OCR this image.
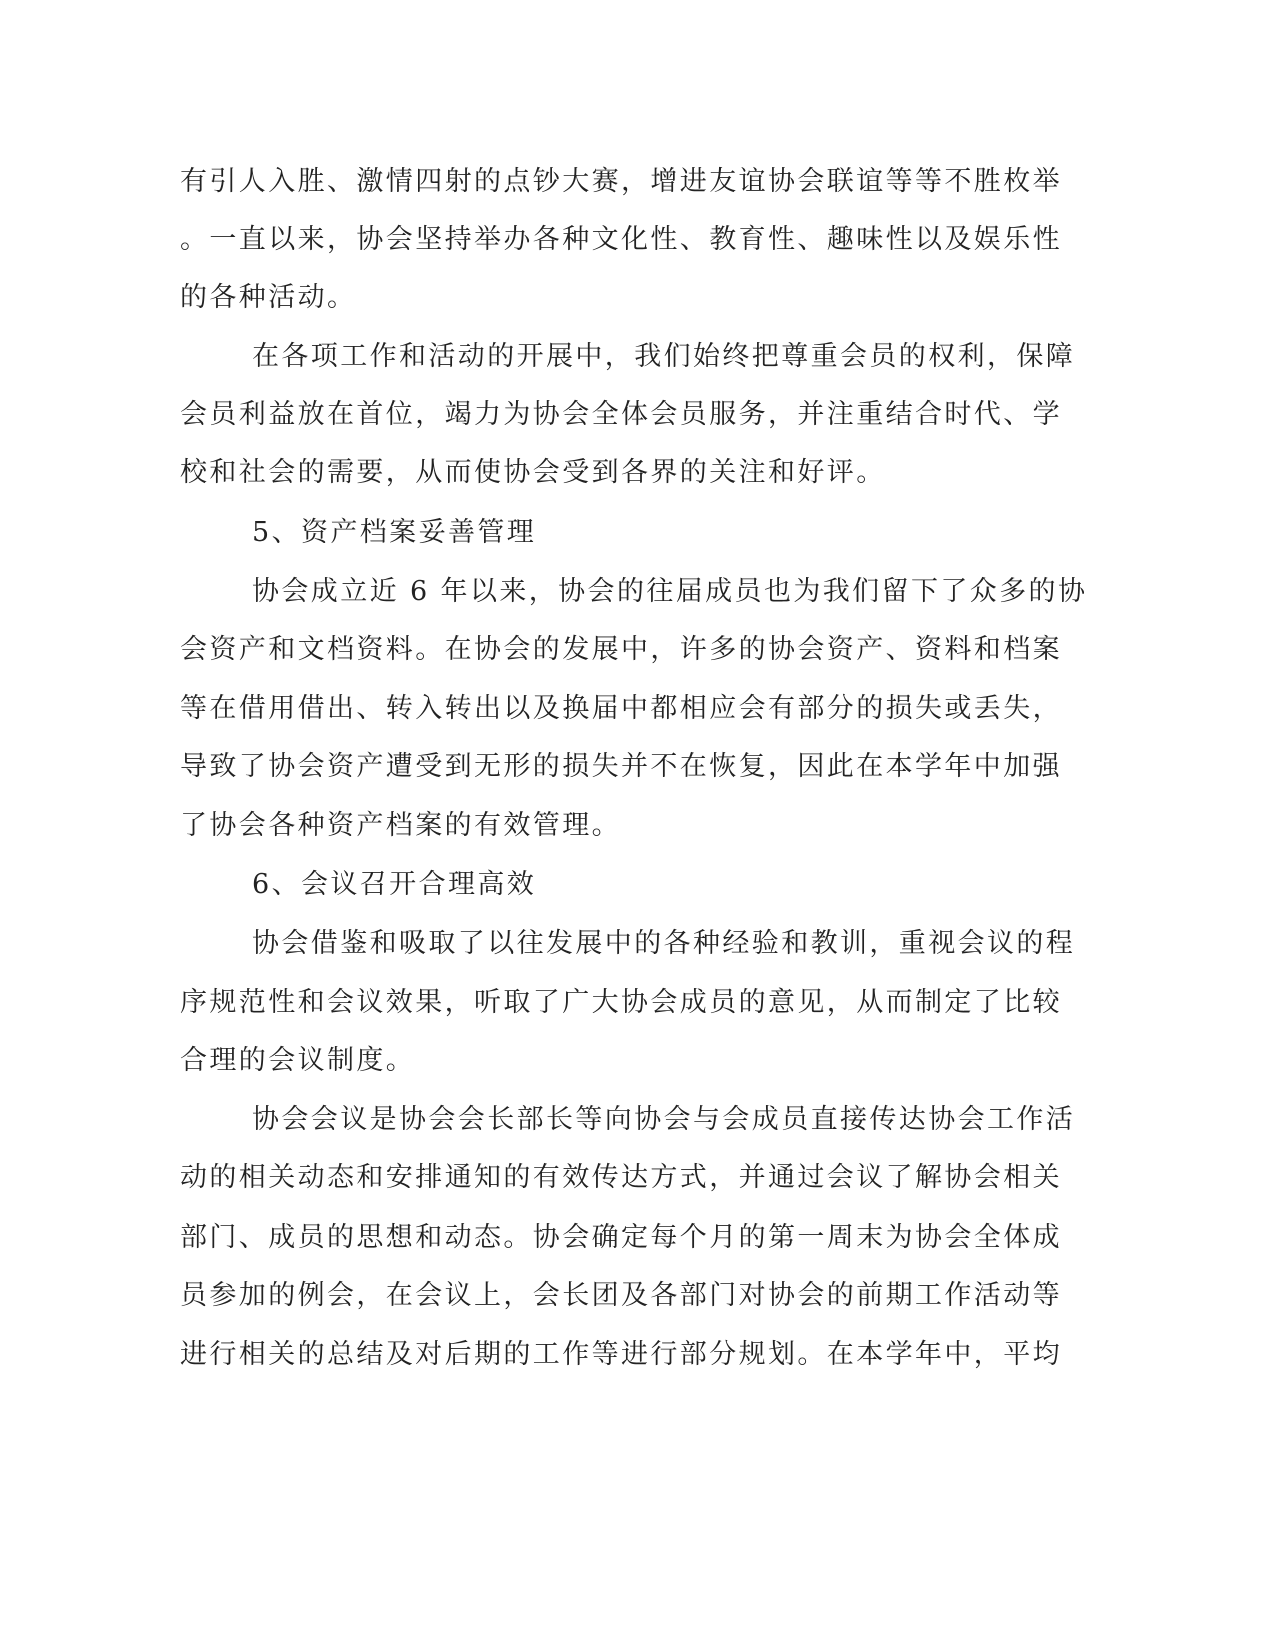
有引人入胜、激情四射的点钞大赛，增进友谊协会联谊等等不胜枚举
。一直以来，协会坚持举办各种文化性、教育性、趣味性以及娱乐性
的各种活动。
在各项工作和活动的开展中，我们始终把尊重会员的权利，保障
会员利益放在首位，竭力为协会全体会员服务，并注重结合时代、学
校和社会的需要，从而使协会受到各界的关注和好评。
5、资产档案妥善管理
协会成立近 6 年以来，协会的往届成员也为我们留下了众多的协
会资产和文档资料。在协会的发展中，许多的协会资产、资料和档案
等在借用借出、转入转出以及换届中都相应会有部分的损失或丢失，
导致了协会资产遭受到无形的损失并不在恢复，因此在本学年中加强
了协会各种资产档案的有效管理。
6、会议召开合理高效
协会借鉴和吸取了以往发展中的各种经验和教训，重视会议的程
序规范性和会议效果，听取了广大协会成员的意见，从而制定了比较
合理的会议制度。
协会会议是协会会长部长等向协会与会成员直接传达协会工作活
动的相关动态和安排通知的有效传达方式，并通过会议了解协会相关
部门、成员的思想和动态。协会确定每个月的第一周末为协会全体成
员参加的例会，在会议上，会长团及各部门对协会的前期工作活动等
进行相关的总结及对后期的工作等进行部分规划。在本学年中，平均
